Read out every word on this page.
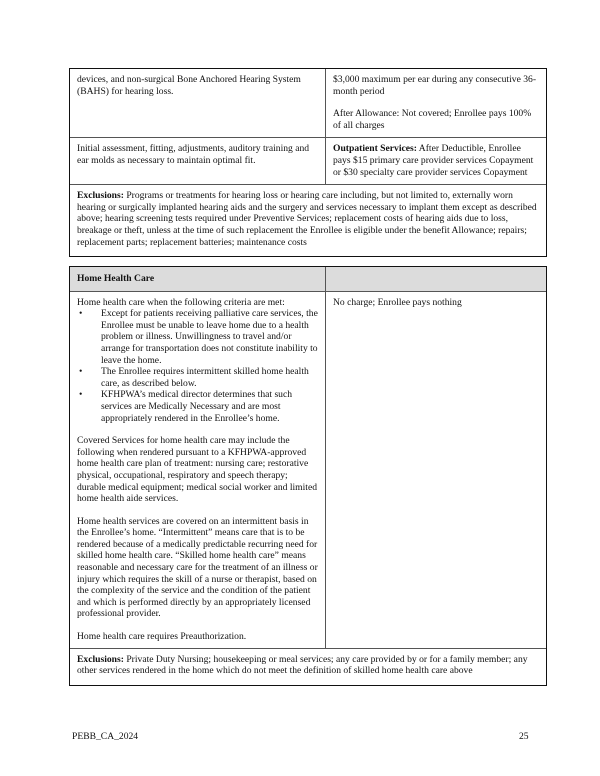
devices, and non-surgical Bone Anchored Hearing System (BAHS) for hearing loss.

$3,000 maximum per ear during any consecutive 36-month period

After Allowance: Not covered; Enrollee pays 100% of all charges

Initial assessment, fitting, adjustments, auditory training and ear molds as necessary to maintain optimal fit.

Outpatient Services: After Deductible, Enrollee pays $15 primary care provider services Copayment or $30 specialty care provider services Copayment

Exclusions: Programs or treatments for hearing loss or hearing care including, but not limited to, externally worn hearing or surgically implanted hearing aids and the surgery and services necessary to implant them except as described above; hearing screening tests required under Preventive Services; replacement costs of hearing aids due to loss, breakage or theft, unless at the time of such replacement the Enrollee is eligible under the benefit Allowance; repairs; replacement parts; replacement batteries; maintenance costs

Home Health Care

Home health care when the following criteria are met:

• Except for patients receiving palliative care services, the Enrollee must be unable to leave home due to a health problem or illness. Unwillingness to travel and/or arrange for transportation does not constitute inability to leave the home.
• The Enrollee requires intermittent skilled home health care, as described below.
• KFHPWA’s medical director determines that such services are Medically Necessary and are most appropriately rendered in the Enrollee’s home.

Covered Services for home health care may include the following when rendered pursuant to a KFHPWA-approved home health care plan of treatment: nursing care; restorative physical, occupational, respiratory and speech therapy; durable medical equipment; medical social worker and limited home health aide services.

Home health services are covered on an intermittent basis in the Enrollee’s home. “Intermittent” means care that is to be rendered because of a medically predictable recurring need for skilled home health care. “Skilled home health care” means reasonable and necessary care for the treatment of an illness or injury which requires the skill of a nurse or therapist, based on the complexity of the service and the condition of the patient and which is performed directly by an appropriately licensed professional provider.

Home health care requires Preauthorization.

No charge; Enrollee pays nothing

Exclusions: Private Duty Nursing; housekeeping or meal services; any care provided by or for a family member; any other services rendered in the home which do not meet the definition of skilled home health care above

PEBB_CA_2024	25
